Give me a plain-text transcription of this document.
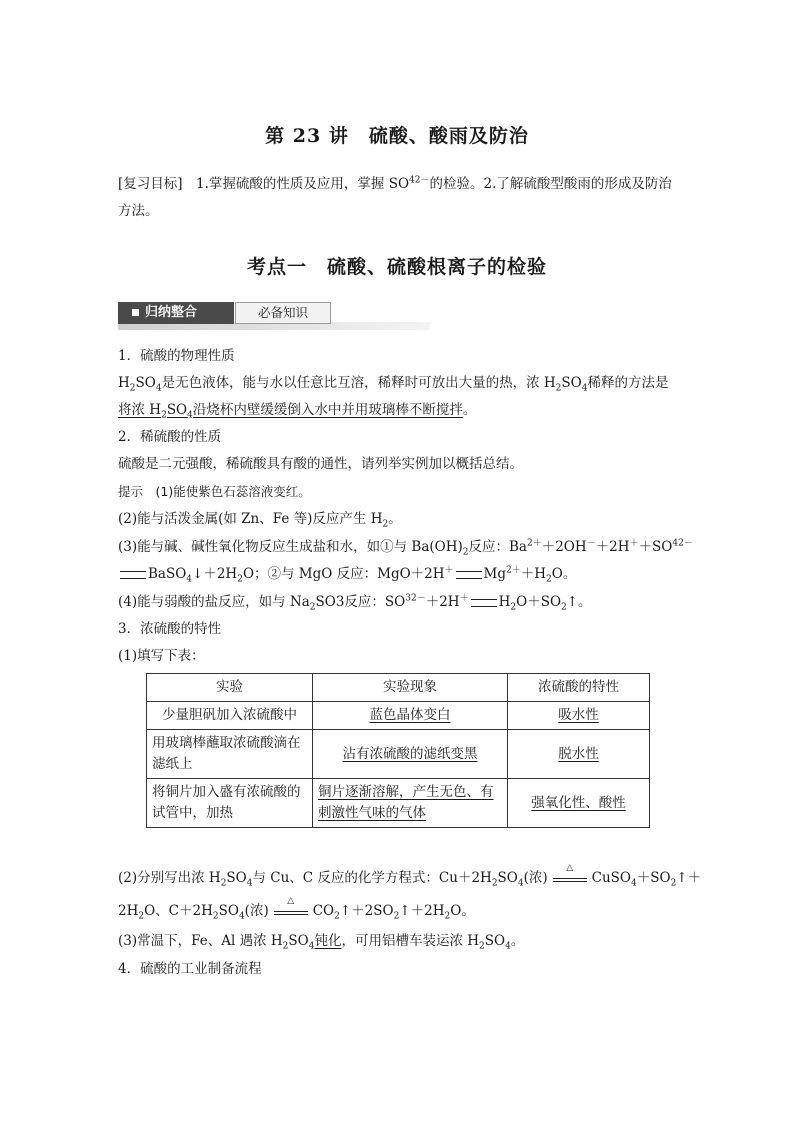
第 23 讲　硫酸、酸雨及防治
[复习目标]　 1.掌握硫酸的性质及应用，掌握 $SO^{42-}$的检验。2.了解硫酸型酸雨的形成及防治
方法。
考点一　硫酸、硫酸根离子的检验
归纳整合	必备知识
1．硫酸的物理性质
$H_2SO_4$是无色液体，能与水以任意比互溶，稀释时可放出大量的热，浓 $H_2SO_4$稀释的方法是
将浓 $H_2SO_4$沿烧杯内壁缓缓倒入水中并用玻璃棒不断搅拌。
2．稀硫酸的性质
硫酸是二元强酸，稀硫酸具有酸的通性，请列举实例加以概括总结。
提示　(1)能使紫色石蕊溶液变红。
(2)能与活泼金属(如 Zn、Fe 等)反应产生 $H_2$。
(3)能与碱、碱性氧化物反应生成盐和水，如①与 $Ba(OH)_2$反应：$Ba^{2+}+2OH^-+2H^++SO^{42-}$
$BaSO_4↓+2H_2O$；②与 MgO 反应：MgO＋2H＋ $Mg^{2+}+H_2O$。
(4)能与弱酸的盐反应，如与 $Na_2SO3$反应：$SO^{32-}+2H^+$ $H_2O+SO_2↑$。
3．浓硫酸的特性
(1)填写下表：
实验	实验现象	浓硫酸的特性
少量胆矾加入浓硫酸中	蓝色晶体变白	吸水性
用玻璃棒蘸取浓硫酸滴在滤纸上	沾有浓硫酸的滤纸变黑	脱水性
将铜片加入盛有浓硫酸的试管中，加热	铜片逐渐溶解，产生无色、有刺激性气味的气体	强氧化性、酸性
(2)分别写出浓 $H_2SO_4$与 Cu、C 反应的化学方程式：$Cu+2H_2SO_4$(浓)
△
$CuSO_4+SO_2↑+$
$2H_2O$、$C+2H_2SO_4$(浓)
△
$CO_2↑+2SO_2↑+2H_2O$。
(3)常温下，Fe、Al 遇浓 $H_2SO_4$钝化，可用铝槽车装运浓 $H_2SO_4$。
4．硫酸的工业制备流程
